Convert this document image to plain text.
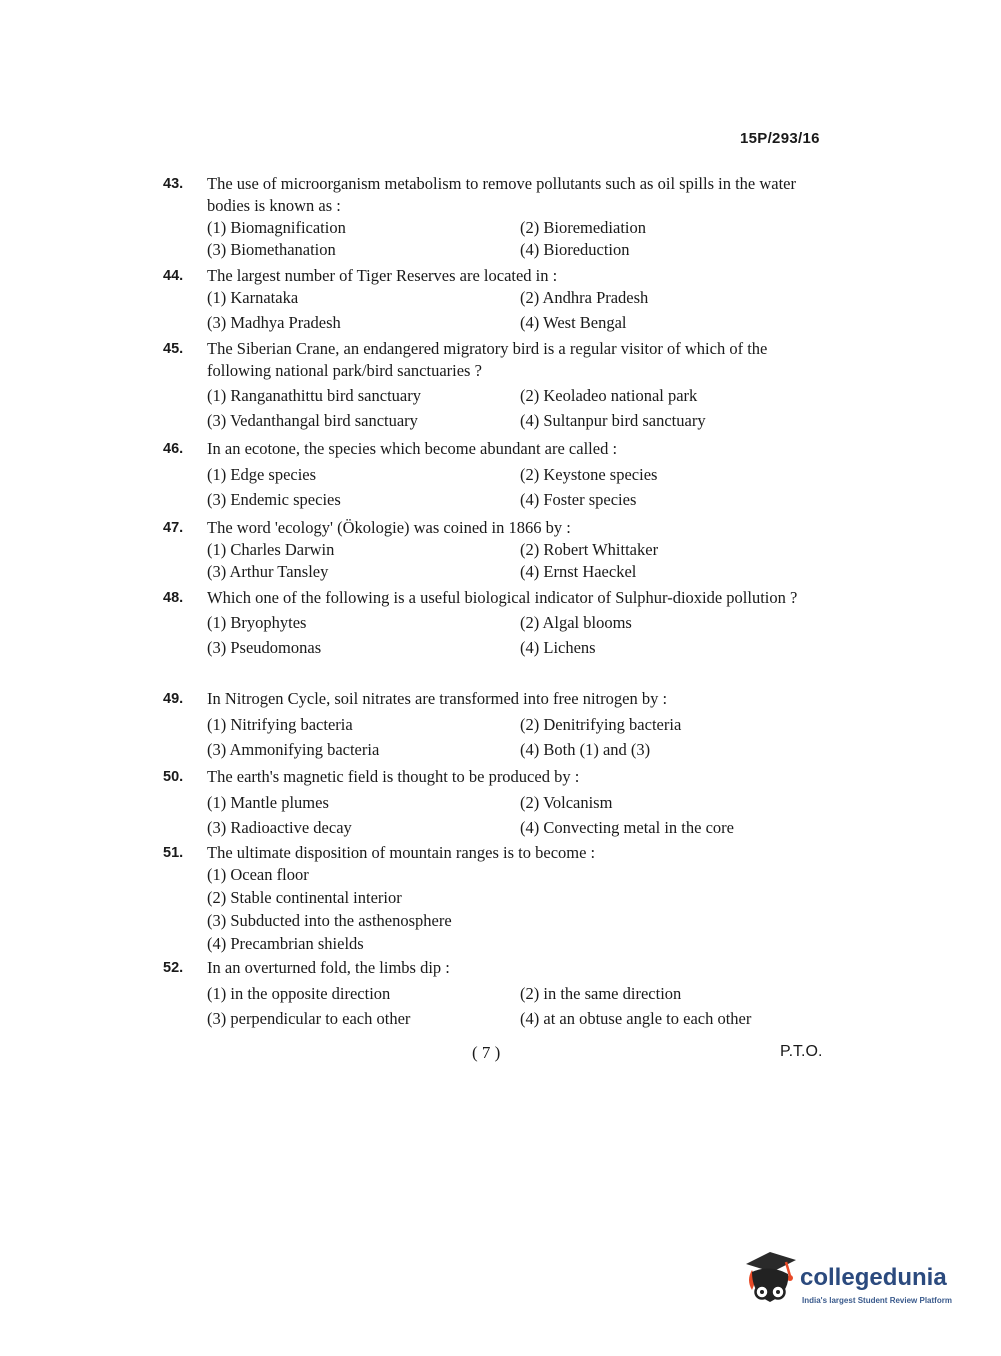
15P/293/16
43.	The use of microorganism metabolism to remove pollutants such as oil spills in the water bodies is known as :
(1) Biomagnification	(2) Bioremediation
(3) Biomethanation	(4) Bioreduction
44.	The largest number of Tiger Reserves are located in :
(1) Karnataka	(2) Andhra Pradesh
(3) Madhya Pradesh	(4) West Bengal
45.	The Siberian Crane, an endangered migratory bird is a regular visitor of which of the following national park/bird sanctuaries ?
(1) Ranganathittu bird sanctuary	(2) Keoladeo national park
(3) Vedanthangal bird sanctuary	(4) Sultanpur bird sanctuary
46.	In an ecotone, the species which become abundant are called :
(1) Edge species	(2) Keystone species
(3) Endemic species	(4) Foster species
47.	The word 'ecology' (Ökologie) was coined in 1866 by :
(1) Charles Darwin	(2) Robert Whittaker
(3) Arthur Tansley	(4) Ernst Haeckel
48.	Which one of the following is a useful biological indicator of Sulphur-dioxide pollution ?
(1) Bryophytes	(2) Algal blooms
(3) Pseudomonas	(4) Lichens
49.	In Nitrogen Cycle, soil nitrates are transformed into free nitrogen by :
(1) Nitrifying bacteria	(2) Denitrifying bacteria
(3) Ammonifying bacteria	(4) Both (1) and (3)
50.	The earth's magnetic field is thought to be produced by :
(1) Mantle plumes	(2) Volcanism
(3) Radioactive decay	(4) Convecting metal in the core
51.	The ultimate disposition of mountain ranges is to become :
(1) Ocean floor
(2) Stable continental interior
(3) Subducted into the asthenosphere
(4) Precambrian shields
52.	In an overturned fold, the limbs dip :
(1) in the opposite direction	(2) in the same direction
(3) perpendicular to each other	(4) at an obtuse angle to each other
( 7 )	P.T.O.
collegedunia
India's largest Student Review Platform
